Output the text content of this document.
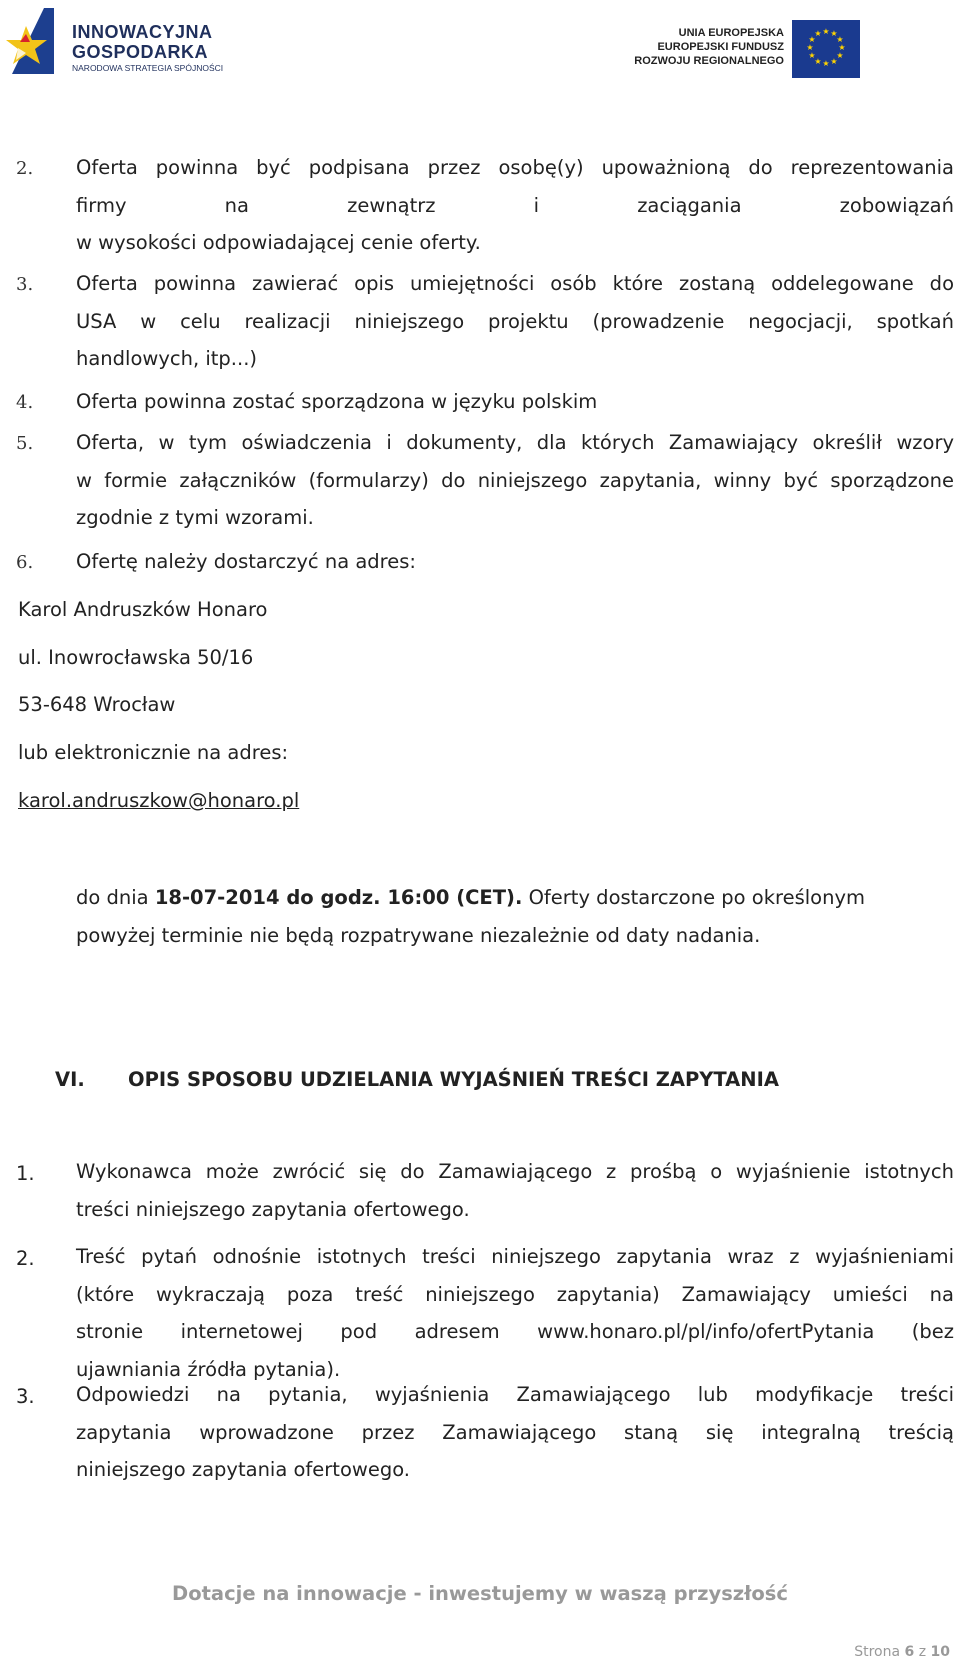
INNOWACYJNA
GOSPODARKA
NARODOWA STRATEGIA SPÓJNOŚCI
UNIA EUROPEJSKA
EUROPEJSKI FUNDUSZ
ROZWOJU REGIONALNEGO
★ ★
★
★
★
★
★
★
★
★
★
★
2. Oferta powinna być podpisana przez osobę(y) upoważnioną do reprezentowania
firmy na zewnątrz i zaciągania zobowiązań
w wysokości odpowiadającej cenie oferty.
3. Oferta powinna zawierać opis umiejętności osób które zostaną oddelegowane do
USA w celu realizacji niniejszego projektu (prowadzenie negocjacji, spotkań
handlowych, itp...)
4. Oferta powinna zostać sporządzona w języku polskim
5. Oferta, w tym oświadczenia i dokumenty, dla których Zamawiający określił wzory
w formie załączników (formularzy) do niniejszego zapytania, winny być sporządzone
zgodnie z tymi wzorami.
6. Ofertę należy dostarczyć na adres:
Karol Andruszków Honaro
ul. Inowrocławska 50/16
53-648 Wrocław
lub elektronicznie na adres:
karol.andruszkow@honaro.pl
do dnia 18-07-2014 do godz. 16:00 (CET). Oferty dostarczone po określonym
powyżej terminie nie będą rozpatrywane niezależnie od daty nadania.
VI. OPIS SPOSOBU UDZIELANIA WYJAŚNIEŃ TREŚCI ZAPYTANIA
1. Wykonawca może zwrócić się do Zamawiającego z prośbą o wyjaśnienie istotnych
treści niniejszego zapytania ofertowego.
2. Treść pytań odnośnie istotnych treści niniejszego zapytania wraz z wyjaśnieniami
(które wykraczają poza treść niniejszego zapytania) Zamawiający umieści na
stronie internetowej pod adresem www.honaro.pl/pl/info/ofertPytania (bez
ujawniania źródła pytania).
3. Odpowiedzi na pytania, wyjaśnienia Zamawiającego lub modyfikacje treści
zapytania wprowadzone przez Zamawiającego staną się integralną treścią
niniejszego zapytania ofertowego.
Dotacje na innowacje - inwestujemy w waszą przyszłość
Strona 6 z 10
